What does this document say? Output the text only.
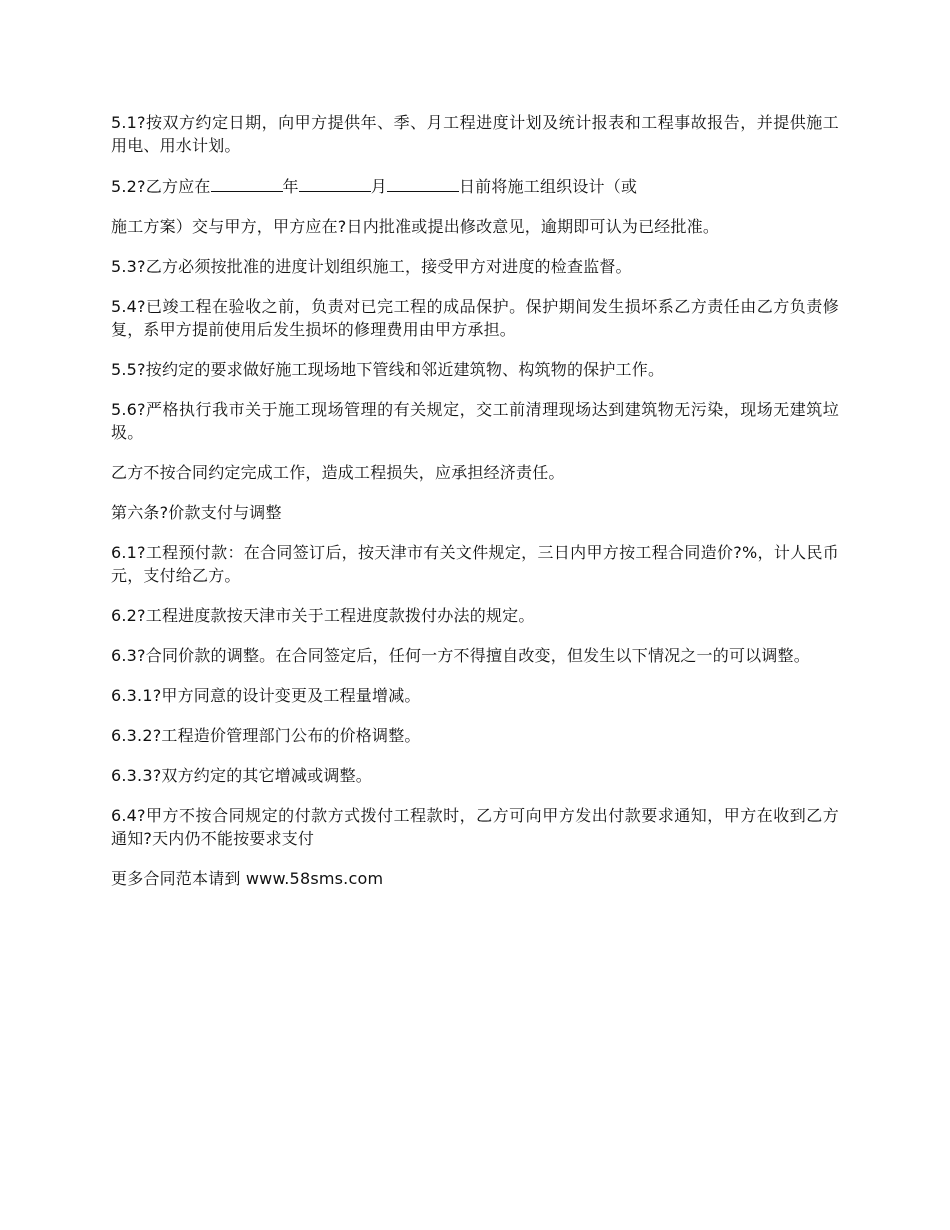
5.1?按双方约定日期，向甲方提供年、季、月工程进度计划及统计报表和工程事故报告，并提供施工用电、用水计划。

5.2?乙方应在	年	月	日前将施工组织设计（或

施工方案）交与甲方，甲方应在?日内批准或提出修改意见，逾期即可认为已经批准。

5.3?乙方必须按批准的进度计划组织施工，接受甲方对进度的检查监督。

5.4?已竣工程在验收之前，负责对已完工程的成品保护。保护期间发生损坏系乙方责任由乙方负责修复，系甲方提前使用后发生损坏的修理费用由甲方承担。

5.5?按约定的要求做好施工现场地下管线和邻近建筑物、构筑物的保护工作。

5.6?严格执行我市关于施工现场管理的有关规定，交工前清理现场达到建筑物无污染，现场无建筑垃圾。

乙方不按合同约定完成工作，造成工程损失，应承担经济责任。

第六条?价款支付与调整

6.1?工程预付款：在合同签订后，按天津市有关文件规定，三日内甲方按工程合同造价?%，计人民币元，支付给乙方。

6.2?工程进度款按天津市关于工程进度款拨付办法的规定。

6.3?合同价款的调整。在合同签定后，任何一方不得擅自改变，但发生以下情况之一的可以调整。

6.3.1?甲方同意的设计变更及工程量增减。

6.3.2?工程造价管理部门公布的价格调整。

6.3.3?双方约定的其它增减或调整。

6.4?甲方不按合同规定的付款方式拨付工程款时，乙方可向甲方发出付款要求通知，甲方在收到乙方通知?天内仍不能按要求支付

更多合同范本请到 www.58sms.com
